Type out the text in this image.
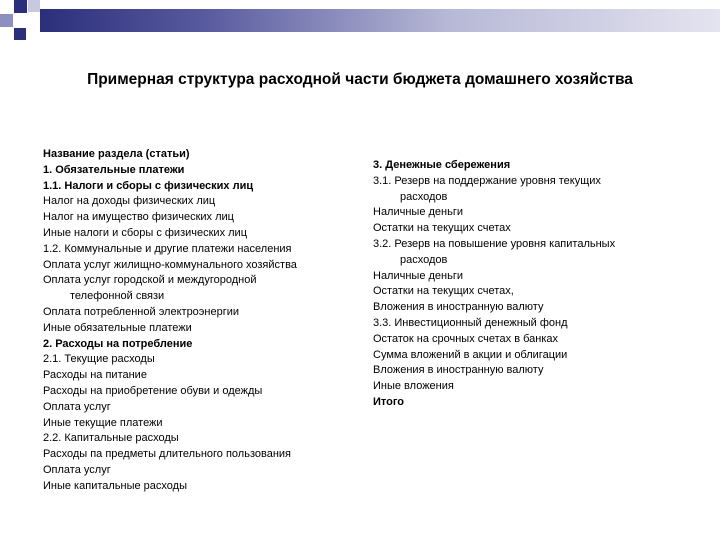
Примерная структура расходной части бюджета домашнего хозяйства
Название раздела (статьи)
1. Обязательные платежи
1.1. Налоги и сборы с физических лиц
Налог на доходы физических лиц
Налог на имущество физических лиц
Иные налоги и сборы с физических лиц
1.2. Коммунальные и другие платежи населения
Оплата услуг жилищно-коммунального хозяйства
Оплата услуг городской и междугородной
телефонной связи
Оплата потребленной электроэнергии
Иные обязательные платежи
2. Расходы на потребление
2.1. Текущие расходы
Расходы на питание
Расходы на приобретение обуви и одежды
Оплата услуг
Иные текущие платежи
2.2. Капитальные расходы
Расходы па предметы длительного пользования
Оплата услуг
Иные капитальные расходы
3. Денежные сбережения
3.1. Резерв на поддержание уровня текущих
расходов
Наличные деньги
Остатки на текущих счетах
3.2. Резерв на повышение уровня капитальных
расходов
Наличные деньги
Остатки на текущих счетах,
Вложения в иностранную валюту
3.3. Инвестиционный денежный фонд
Остаток на срочных счетах в банках
Сумма вложений в акции и облигации
Вложения в иностранную валюту
Иные вложения
Итого
